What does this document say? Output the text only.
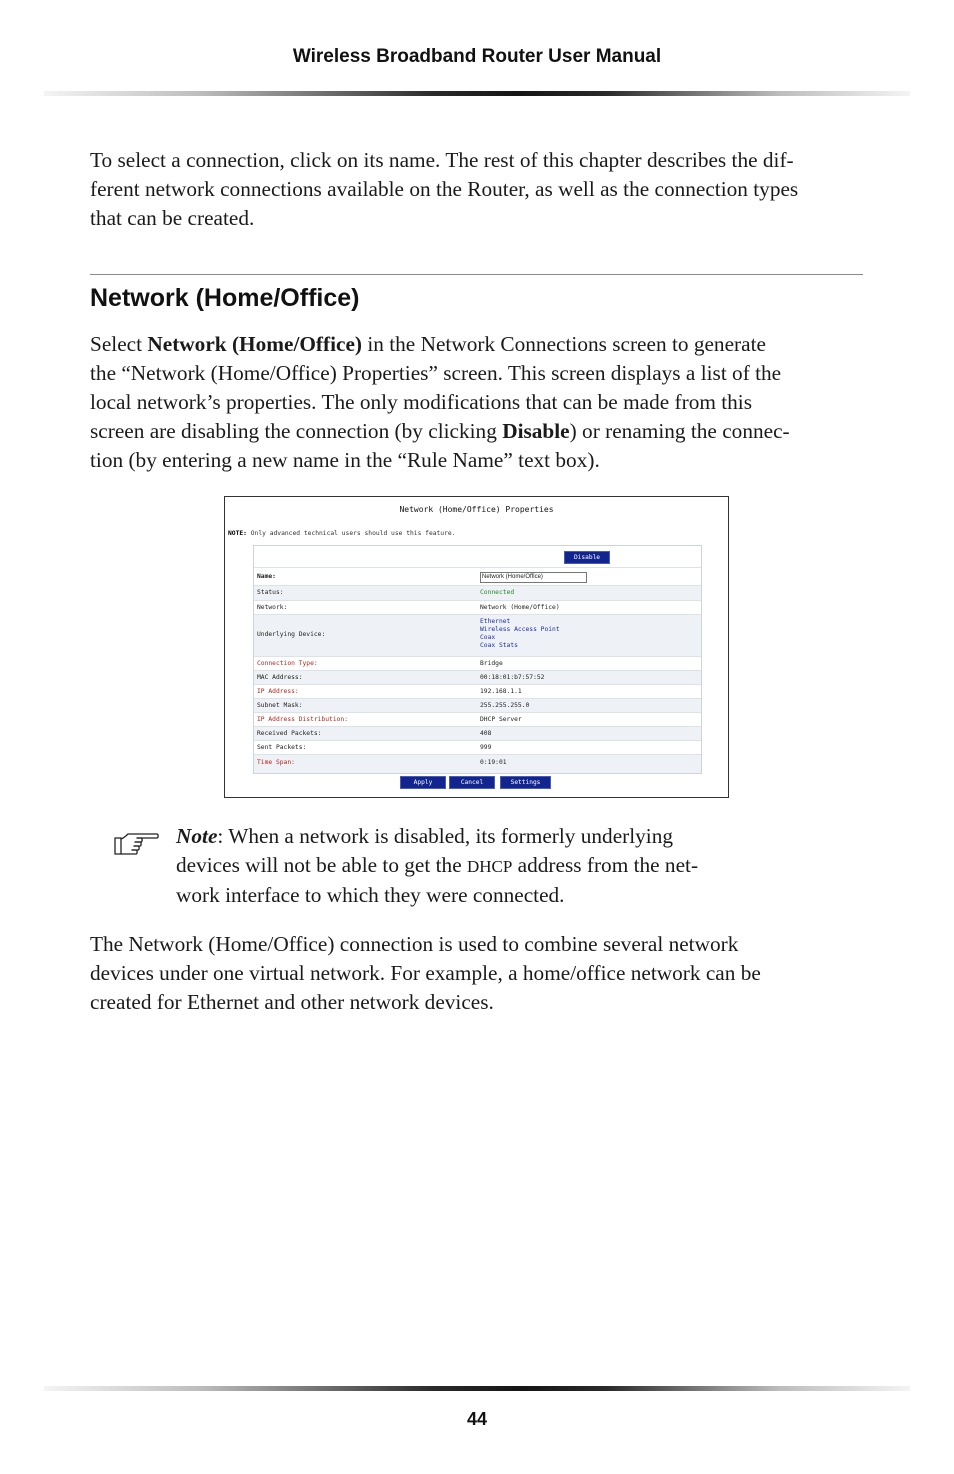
Wireless Broadband Router User Manual
To select a connection, click on its name. The rest of this chapter describes the dif-
ferent network connections available on the Router, as well as the connection types
that can be created.
Network (Home/Office)
Select Network (Home/Office) in the Network Connections screen to generate
the “Network (Home/Office) Properties” screen. This screen displays a list of the
local network’s properties. The only modifications that can be made from this
screen are disabling the connection (by clicking Disable) or renaming the connec-
tion (by entering a new name in the “Rule Name” text box).
Network (Home/Office) Properties
NOTE: Only advanced technical users should use this feature.
Disable
Name:	Network (Home/Office)
Status:	Connected
Network:	Network (Home/Office)
Underlying Device:
Ethernet
Wireless Access Point
Coax
Coax Stats
Connection Type:	Bridge
MAC Address:	00:18:01:b7:57:52
IP Address:	192.168.1.1
Subnet Mask:	255.255.255.0
IP Address Distribution:	DHCP Server
Received Packets:	408
Sent Packets:	999
Time Span:	0:19:01
Apply	Cancel	Settings
Note: When a network is disabled, its formerly underlying
devices will not be able to get the DHCP address from the net-
work interface to which they were connected.
The Network (Home/Office) connection is used to combine several network
devices under one virtual network. For example, a home/office network can be
created for Ethernet and other network devices.
44
